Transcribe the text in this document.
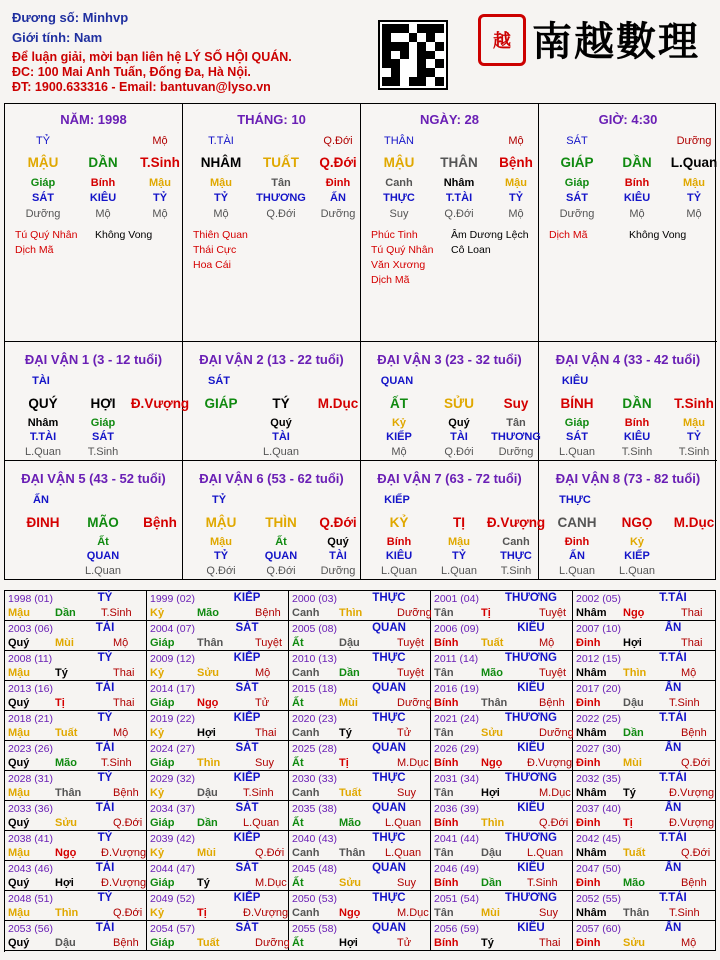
Đương số: Minhvp
Giới tính: Nam
Để luận giải, mời bạn liên hệ LÝ SỐ HỘI QUÁN.
ĐC: 100 Mai Anh Tuấn, Đống Đa, Hà Nội.
ĐT: 1900.633316 - Email: bantuvan@lyso.vn
越 南越數理
NĂM: 1998
TỶ	Mộ
MẬU DẦN T.Sinh
Giáp	Bính	Mậu
SÁT	KIÊU	TỶ
Dưỡng	Mộ	Mộ
Tú Quý Nhân
Dịch Mã
Không Vong
THÁNG: 10
T.TÀI	Q.Đới
NHÂM TUẤT Q.Đới
Mậu	Tân	Đinh
TỶ	THƯƠNG ẤN
Mộ	Q.Đới Dưỡng
Thiên Quan
Thái Cực
Hoa Cái
NGÀY: 28
THÂN	Mộ
MẬU THÂN Bệnh
Canh	Nhâm	Mậu
THỰC	T.TÀI	TỶ
Suy	Q.Đới	Mộ
Phúc Tinh
Tú Quý Nhân
Văn Xương
Dịch Mã
Âm Dương Lệch
Cô Loan
GIỜ: 4:30
SÁT	Dưỡng
GIÁP DẦN L.Quan
Giáp	Bính	Mậu
SÁT	KIÊU	TỶ
Dưỡng	Mộ	Mộ
Dịch Mã	Không Vong
ĐẠI VẬN 1 (3 - 12 tuổi)
TÀI
QUÝ HỢI Đ.Vượng
Nhâm	Giáp
T.TÀI	SÁT
L.Quan T.Sinh
ĐẠI VẬN 2 (13 - 22 tuổi)
SÁT
GIÁP	TÝ M.Dục
Quý
TÀI
L.Quan
ĐẠI VẬN 3 (23 - 32 tuổi)
QUAN
ẤT	SỬU Suy
Kỷ	Quý	Tân
KIẾP	TÀI THƯƠNG
Mộ	Q.Đới Dưỡng
ĐẠI VẬN 4 (33 - 42 tuổi)
KIÊU
BÍNH DẦN T.Sinh
Giáp	Bính	Mậu
SÁT	KIÊU	TỶ
L.Quan T.Sinh T.Sinh
ĐẠI VẬN 5 (43 - 52 tuổi)
ẤN
ĐINH MÃO Bệnh
Ất
QUAN
L.Quan
ĐẠI VẬN 6 (53 - 62 tuổi)
TỶ
MẬU THÌN Q.Đới
Mậu	Ất	Quý
TỶ	QUAN	TÀI
Q.Đới	Q.Đới Dưỡng
ĐẠI VẬN 7 (63 - 72 tuổi)
KIẾP
KỶ	TỊ Đ.Vượng
Bính	Mậu	Canh
KIÊU	TỶ	THỰC
L.Quan L.Quan T.Sinh
ĐẠI VẬN 8 (73 - 82 tuổi)
THỰC
CANH NGỌ M.Dục
Đinh	Kỷ
ẤN	KIẾP
L.Quan L.Quan
1998 (01)	TỶ
Mậu Dần T.Sinh
1999 (02)	KIẾP
Kỷ	Mão	Bệnh
2000 (03)	THỰC
Canh Thìn	Dưỡng
2001 (04)	THƯƠNG
Tân Tị	Tuyệt
2002 (05)	T.TÀI
Nhâm Ngọ	Thai
2003 (06)	TÀI
Quý Mùi	Mộ
2004 (07)	SÁT
Giáp Thân	Tuyệt
2005 (08)	QUAN
Ất	Dậu	Tuyệt
2006 (09)	KIÊU
Bính Tuất	Mộ
2007 (10)	ẤN
Đinh Hợi	Thai
2008 (11)	TỶ
Mậu Tý	Thai
2009 (12)	KIẾP
Kỷ	Sửu	Mộ
2010 (13)	THỰC
Canh Dần	Tuyệt
2011 (14)	THƯƠNG
Tân Mão	Tuyệt
2012 (15)	T.TÀI
Nhâm Thìn	Mộ
2013 (16)	TÀI
Quý Tị	Thai
2014 (17)	SÁT
Giáp Ngọ	Tử
2015 (18)	QUAN
Ất	Mùi	Dưỡng
2016 (19)	KIÊU
Bính Thân	Bệnh
2017 (20)	ẤN
Đinh Dậu T.Sinh
2018 (21)	TỶ
Mậu Tuất	Mộ
2019 (22)	KIẾP
Kỷ	Hợi	Thai
2020 (23)	THỰC
Canh Tý	Tử
2021 (24)	THƯƠNG
Tân Sửu	Dưỡng
2022 (25)	T.TÀI
Nhâm Dần	Bệnh
2023 (26)	TÀI
Quý Mão T.Sinh
2024 (27)	SÁT
Giáp Thìn	Suy
2025 (28)	QUAN
Ất	Tị	M.Dục
2026 (29)	KIÊU
Bính Ngọ Đ.Vượng
2027 (30)	ẤN
Đinh Mùi	Q.Đới
2028 (31)	TỶ
Mậu Thân	Bệnh
2029 (32)	KIẾP
Kỷ	Dậu T.Sinh
2030 (33)	THỰC
Canh Tuất	Suy
2031 (34)	THƯƠNG
Tân Hợi	M.Dục
2032 (35)	T.TÀI
Nhâm Tý	Đ.Vượng
2033 (36)	TÀI
Quý Sửu	Q.Đới
2034 (37)	SÁT
Giáp Dần L.Quan
2035 (38)	QUAN
Ất	Mão L.Quan
2036 (39)	KIÊU
Bính Thìn	Q.Đới
2037 (40)	ẤN
Đinh Tị	Đ.Vượng
2038 (41)	TỶ
Mậu Ngọ Đ.Vượng
2039 (42)	KIẾP
Kỷ	Mùi	Q.Đới
2040 (43)	THỰC
Canh Thân L.Quan
2041 (44)	THƯƠNG
Tân Dậu L.Quan
2042 (45)	T.TÀI
Nhâm Tuất	Q.Đới
2043 (46)	TÀI
Quý Hợi Đ.Vượng
2044 (47)	SÁT
Giáp Tý	M.Dục
2045 (48)	QUAN
Ất	Sửu	Suy
2046 (49)	KIÊU
Bính Dần T.Sinh
2047 (50)	ẤN
Đinh Mão	Bệnh
2048 (51)	TỶ
Mậu Thìn	Q.Đới
2049 (52)	KIẾP
Kỷ	Tị	Đ.Vượng
2050 (53)	THỰC
Canh Ngọ	M.Dục
2051 (54)	THƯƠNG
Tân Mùi	Suy
2052 (55)	T.TÀI
Nhâm Thân T.Sinh
2053 (56)	TÀI
Quý Dậu	Bệnh
2054 (57)	SÁT
Giáp Tuất	Dưỡng
2055 (58)	QUAN
Ất	Hợi	Tử
2056 (59)	KIÊU
Bính Tý	Thai
2057 (60)	ẤN
Đinh Sửu	Mộ
